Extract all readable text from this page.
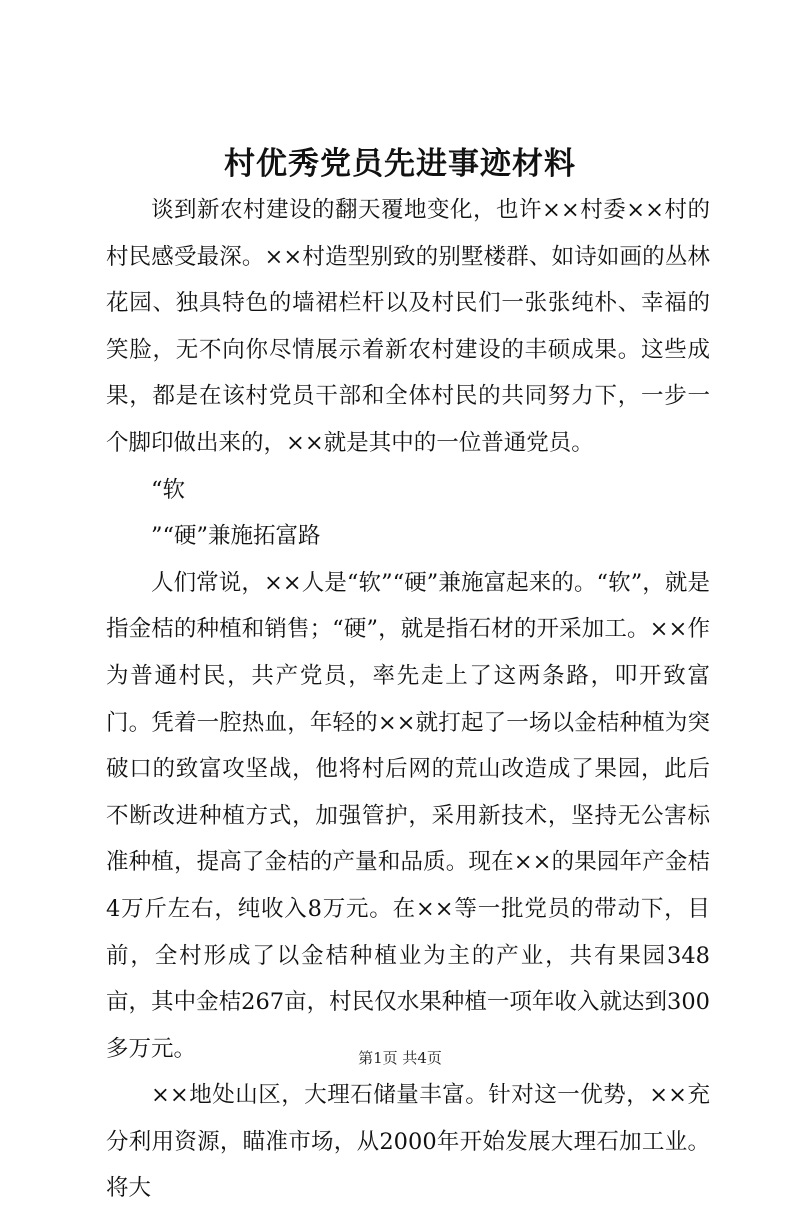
村优秀党员先进事迹材料

谈到新农村建设的翻天覆地变化，也许××村委××村的村民感受最深。××村造型别致的别墅楼群、如诗如画的丛林花园、独具特色的墙裙栏杆以及村民们一张张纯朴、幸福的笑脸，无不向你尽情展示着新农村建设的丰硕成果。这些成果，都是在该村党员干部和全体村民的共同努力下，一步一个脚印做出来的，××就是其中的一位普通党员。

“软

”“硬”兼施拓富路

人们常说，××人是“软”“硬”兼施富起来的。“软”，就是指金桔的种植和销售；“硬”，就是指石材的开采加工。××作为普通村民，共产党员，率先走上了这两条路，叩开致富门。凭着一腔热血，年轻的××就打起了一场以金桔种植为突破口的致富攻坚战，他将村后网的荒山改造成了果园，此后不断改进种植方式，加强管护，采用新技术，坚持无公害标准种植，提高了金桔的产量和品质。现在××的果园年产金桔4万斤左右，纯收入8万元。在××等一批党员的带动下，目前，全村形成了以金桔种植业为主的产业，共有果园348亩，其中金桔267亩，村民仅水果种植一项年收入就达到300多万元。

××地处山区，大理石储量丰富。针对这一优势，××充分利用资源，瞄准市场，从2000年开始发展大理石加工业。将大

第1页 共4页
